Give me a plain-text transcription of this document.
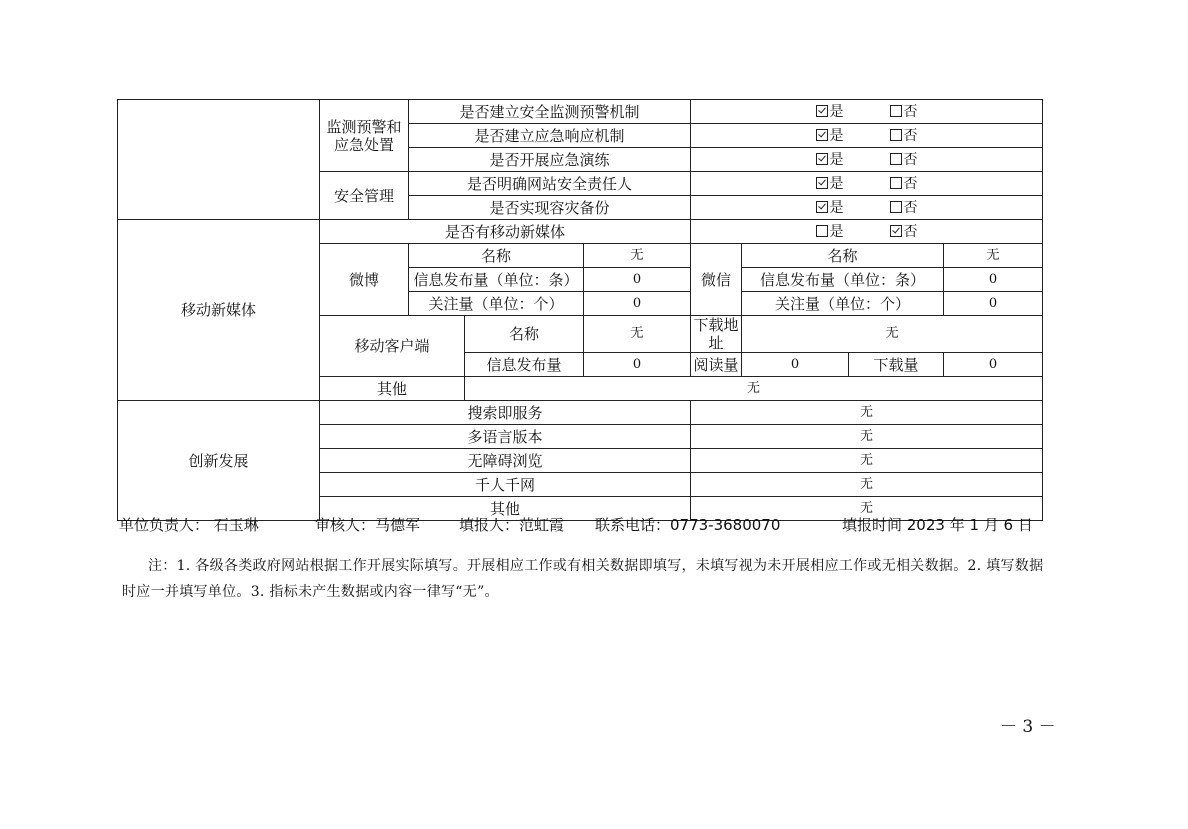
	监测预警和应急处置	是否建立安全监测预警机制			是 否			
		是否建立应急响应机制			是 否			
		是否开展应急演练			是 否			
	安全管理	是否明确网站安全责任人			是 否			
		是否实现容灾备份			是 否			
移动新媒体	是否有移动新媒体				是 否			
	微博	名称		无	微信	名称		无
		信息发布量（单位：条）		0		信息发布量（单位：条）		0
		关注量（单位：个）		0		关注量（单位：个）		0
	移动客户端		名称	无	下载地址	无		
			信息发布量	0	阅读量	0	下载量	0
	其他		无					
创新发展	搜索即服务				无			
	多语言版本				无			
	无障碍浏览				无			
	千人千网				无			
	其他				无			
单位负责人： 石玉琳	审核人：马德军	填报人：范虹霞 联系电话：0773-3680070	填报时间 2023 年 1 月 6 日
注：1. 各级各类政府网站根据工作开展实际填写。开展相应工作或有相关数据即填写，未填写视为未开展相应工作或无相关数据。2. 填写数据时应一并填写单位。3. 指标未产生数据或内容一律写“无”。
－ 3 －
